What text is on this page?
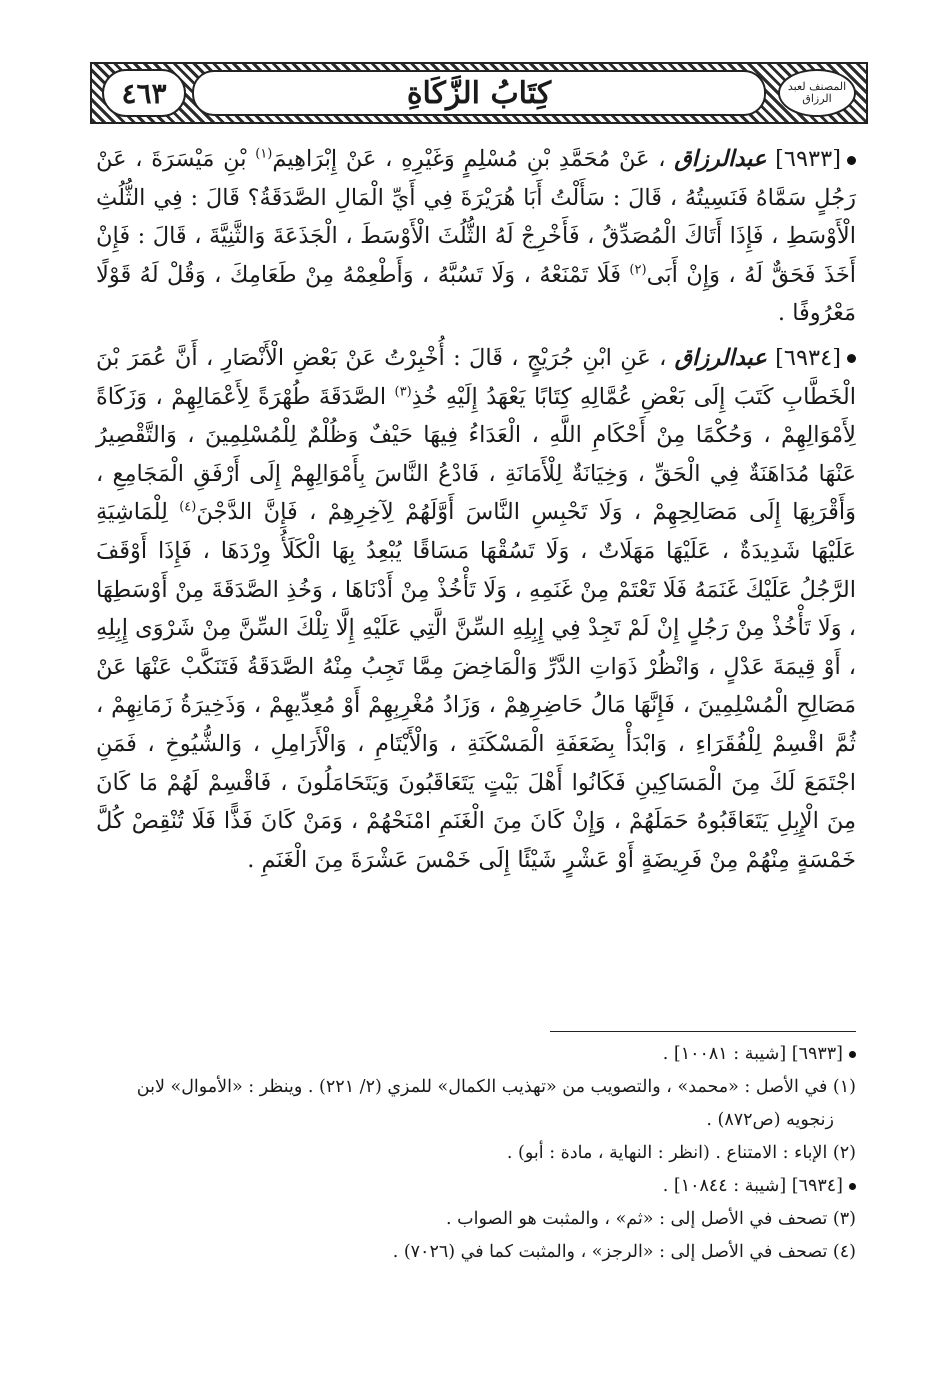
المصنف لعبد الرزاق
كِتَابُ الزَّكَاةِ
٤٦٣

[٦٩٣٣] عبدالرزاق ، عَنْ مُحَمَّدِ بْنِ مُسْلِمٍ وَغَيْرِهِ ، عَنْ إِبْرَاهِيمَ$^{(١)}$ بْنِ مَيْسَرَةَ ، عَنْ رَجُلٍ سَمَّاهُ فَنَسِيتُهُ ، قَالَ : سَأَلْتُ أَبَا هُرَيْرَةَ فِي أَيِّ الْمَالِ الصَّدَقَةُ؟ قَالَ : فِي الثُّلُثِ الْأَوْسَطِ ، فَإِذَا أَتَاكَ الْمُصَدِّقُ ، فَأَخْرِجْ لَهُ الثُّلُثَ الْأَوْسَطَ ، الْجَذَعَةَ وَالثَّنِيَّةَ ، قَالَ : فَإِنْ أَخَذَ فَحَقٌّ لَهُ ، وَإِنْ أَبَى$^{(٢)}$ فَلَا تَمْنَعْهُ ، وَلَا تَسُبَّهُ ، وَأَطْعِمْهُ مِنْ طَعَامِكَ ، وَقُلْ لَهُ قَوْلًا مَعْرُوفًا .

[٦٩٣٤] عبدالرزاق ، عَنِ ابْنِ جُرَيْجٍ ، قَالَ : أُخْبِرْتُ عَنْ بَعْضِ الْأَنْصَارِ ، أَنَّ عُمَرَ بْنَ الْخَطَّابِ كَتَبَ إِلَى بَعْضِ عُمَّالِهِ كِتَابًا يَعْهَدُ إِلَيْهِ خُذِ$^{(٣)}$ الصَّدَقَةَ طُهْرَةً لِأَعْمَالِهِمْ ، وَزَكَاةً لِأَمْوَالِهِمْ ، وَحُكْمًا مِنْ أَحْكَامِ اللَّهِ ، الْعَدَاءُ فِيهَا حَيْفٌ وَظُلْمٌ لِلْمُسْلِمِينَ ، وَالتَّقْصِيرُ عَنْهَا مُدَاهَنَةٌ فِي الْحَقِّ ، وَخِيَانَةٌ لِلْأَمَانَةِ ، فَادْعُ النَّاسَ بِأَمْوَالِهِمْ إِلَى أَرْفَقِ الْمَجَامِعِ ، وَأَقْرَبِهَا إِلَى مَصَالِحِهِمْ ، وَلَا تَحْبِسِ النَّاسَ أَوَّلَهُمْ لِآخِرِهِمْ ، فَإِنَّ الدَّجْنَ$^{(٤)}$ لِلْمَاشِيَةِ عَلَيْهَا شَدِيدَةٌ ، عَلَيْهَا مَهَلَاتٌ ، وَلَا تَسُقْهَا مَسَاقًا يُبْعِدُ بِهَا الْكَلَأُ وِرْدَهَا ، فَإِذَا أَوْقَفَ الرَّجُلُ عَلَيْكَ غَنَمَهُ فَلَا تَعْتَمْ مِنْ غَنَمِهِ ، وَلَا تَأْخُذْ مِنْ أَدْنَاهَا ، وَخُذِ الصَّدَقَةَ مِنْ أَوْسَطِهَا ، وَلَا تَأْخُذْ مِنْ رَجُلٍ إِنْ لَمْ تَجِدْ فِي إِبِلِهِ السِّنَّ الَّتِي عَلَيْهِ إِلَّا تِلْكَ السِّنَّ مِنْ شَرْوَى إِبِلِهِ ، أَوْ قِيمَةَ عَدْلٍ ، وَانْظُرْ ذَوَاتِ الدَّرِّ وَالْمَاخِضَ مِمَّا تَجِبُ مِنْهُ الصَّدَقَةُ فَتَنَكَّبْ عَنْهَا عَنْ مَصَالِحِ الْمُسْلِمِينَ ، فَإِنَّهَا مَالُ حَاضِرِهِمْ ، وَزَادُ مُغْرِبِهِمْ أَوْ مُعِدِّيهِمْ ، وَذَخِيرَةُ زَمَانِهِمْ ، ثُمَّ اقْسِمْ لِلْفُقَرَاءِ ، وَابْدَأْ بِضَعَفَةِ الْمَسْكَنَةِ ، وَالْأَيْتَامِ ، وَالْأَرَامِلِ ، وَالشُّيُوخِ ، فَمَنِ اجْتَمَعَ لَكَ مِنَ الْمَسَاكِينِ فَكَانُوا أَهْلَ بَيْتٍ يَتَعَاقَبُونَ وَيَتَحَامَلُونَ ، فَاقْسِمْ لَهُمْ مَا كَانَ مِنَ الْإِبِلِ يَتَعَاقَبُوهُ حَمَلَهُمْ ، وَإِنْ كَانَ مِنَ الْغَنَمِ امْنَحْهُمْ ، وَمَنْ كَانَ فَذًّا فَلَا تُنْقِصْ كُلَّ خَمْسَةٍ مِنْهُمْ مِنْ فَرِيضَةٍ أَوْ عَشْرٍ شَيْئًا إِلَى خَمْسَ عَشْرَةَ مِنَ الْغَنَمِ .

[٦٩٣٣] [شيبة : ١٠٠٨١] .
(١) في الأصل : «محمد» ، والتصويب من «تهذيب الكمال» للمزي (٢/ ٢٢١) . وينظر : «الأموال» لابن
زنجويه (ص٨٧٢) .
(٢) الإباء : الامتناع . (انظر : النهاية ، مادة : أبو) .
[٦٩٣٤] [شيبة : ١٠٨٤٤] .
(٣) تصحف في الأصل إلى : «ثم» ، والمثبت هو الصواب .
(٤) تصحف في الأصل إلى : «الرجز» ، والمثبت كما في (٧٠٢٦) .
